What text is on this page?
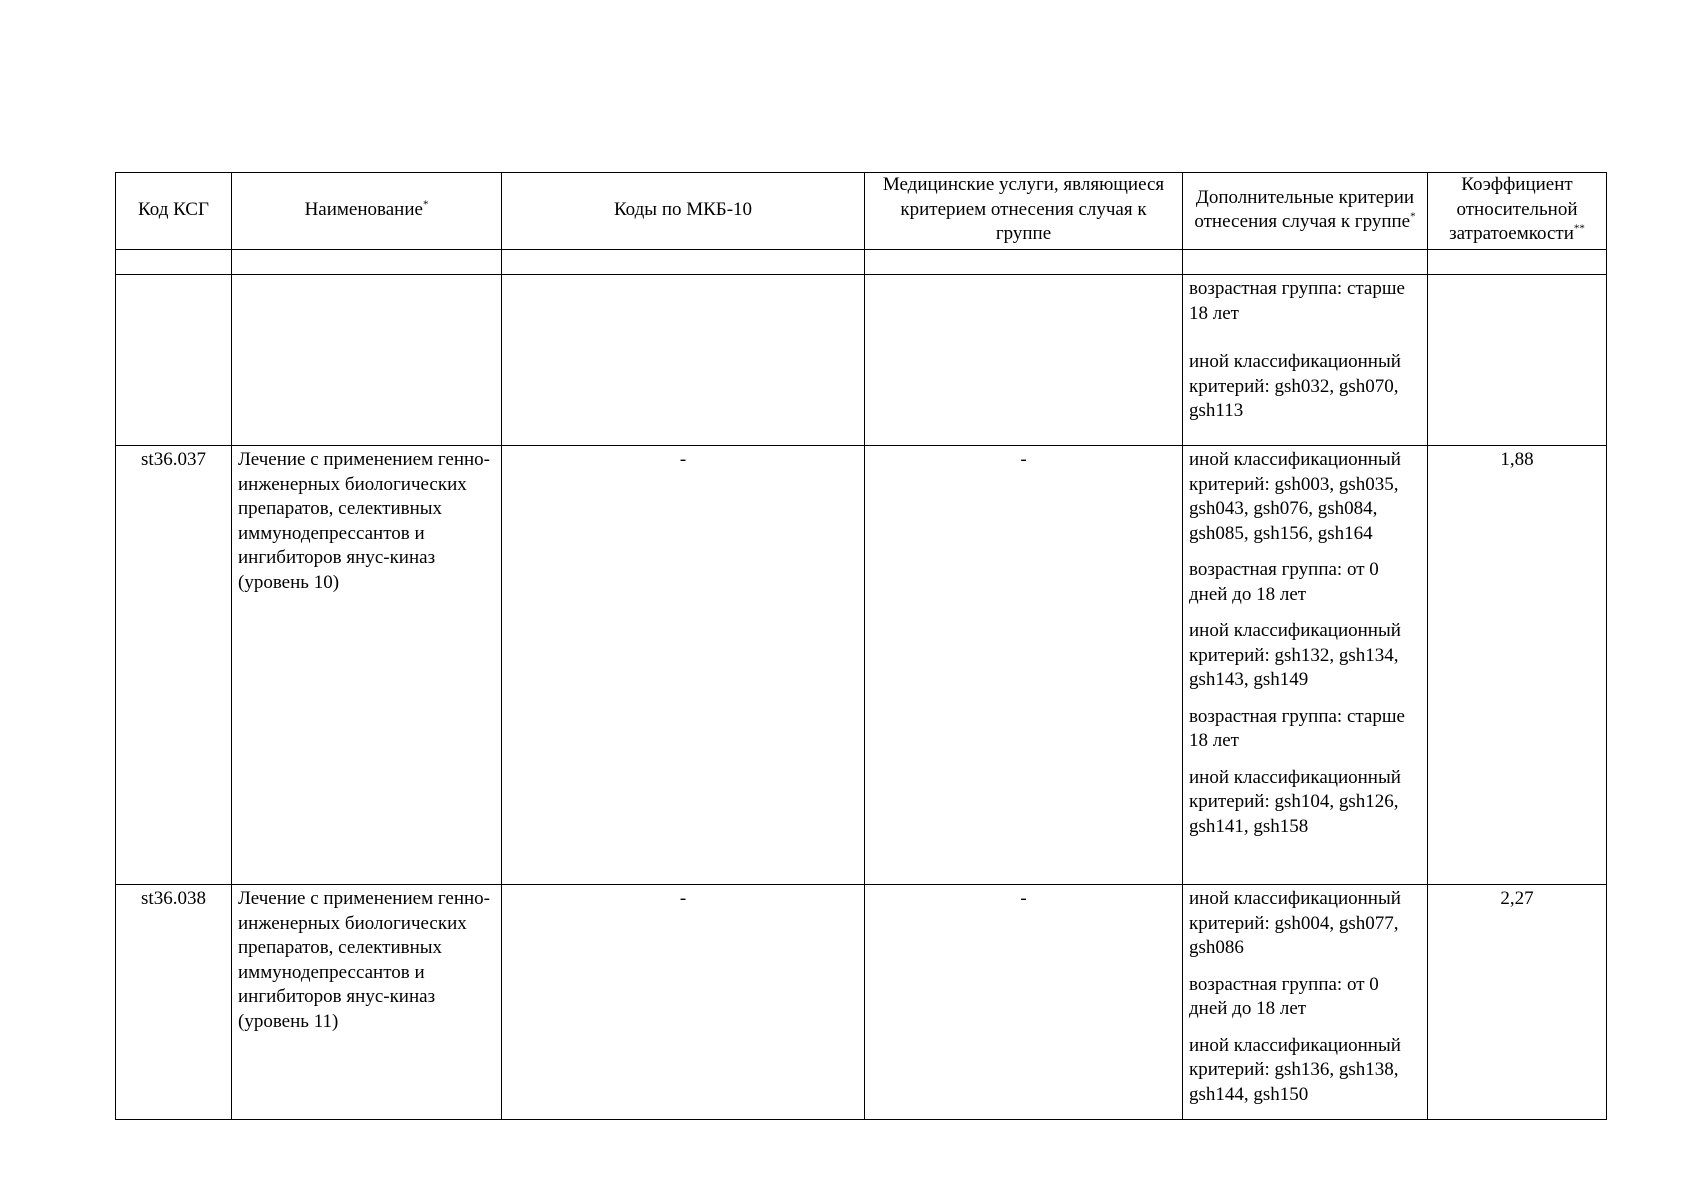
Код КСГ	Наименование*	Коды по МКБ-10	Медицинские услуги, являющиеся критерием отнесения случая к группе	Дополнительные критерии отнесения случая к группе*	Коэффициент относительной затратоемкости**

				возрастная группа: старше 18 лет
иной классификационный критерий: gsh032, gsh070, gsh113	

st36.037	Лечение с применением генно-инженерных биологических препаратов, селективных иммунодепрессантов и ингибиторов янус-киназ (уровень 10)	-	-	иной классификационный критерий: gsh003, gsh035, gsh043, gsh076, gsh084, gsh085, gsh156, gsh164
возрастная группа: от 0 дней до 18 лет
иной классификационный критерий: gsh132, gsh134, gsh143, gsh149
возрастная группа: старше 18 лет
иной классификационный критерий: gsh104, gsh126, gsh141, gsh158	1,88
st36.038	Лечение с применением генно-инженерных биологических препаратов, селективных иммунодепрессантов и ингибиторов янус-киназ (уровень 11)	-	-	иной классификационный критерий: gsh004, gsh077, gsh086
возрастная группа: от 0 дней до 18 лет
иной классификационный критерий: gsh136, gsh138, gsh144, gsh150	2,27
